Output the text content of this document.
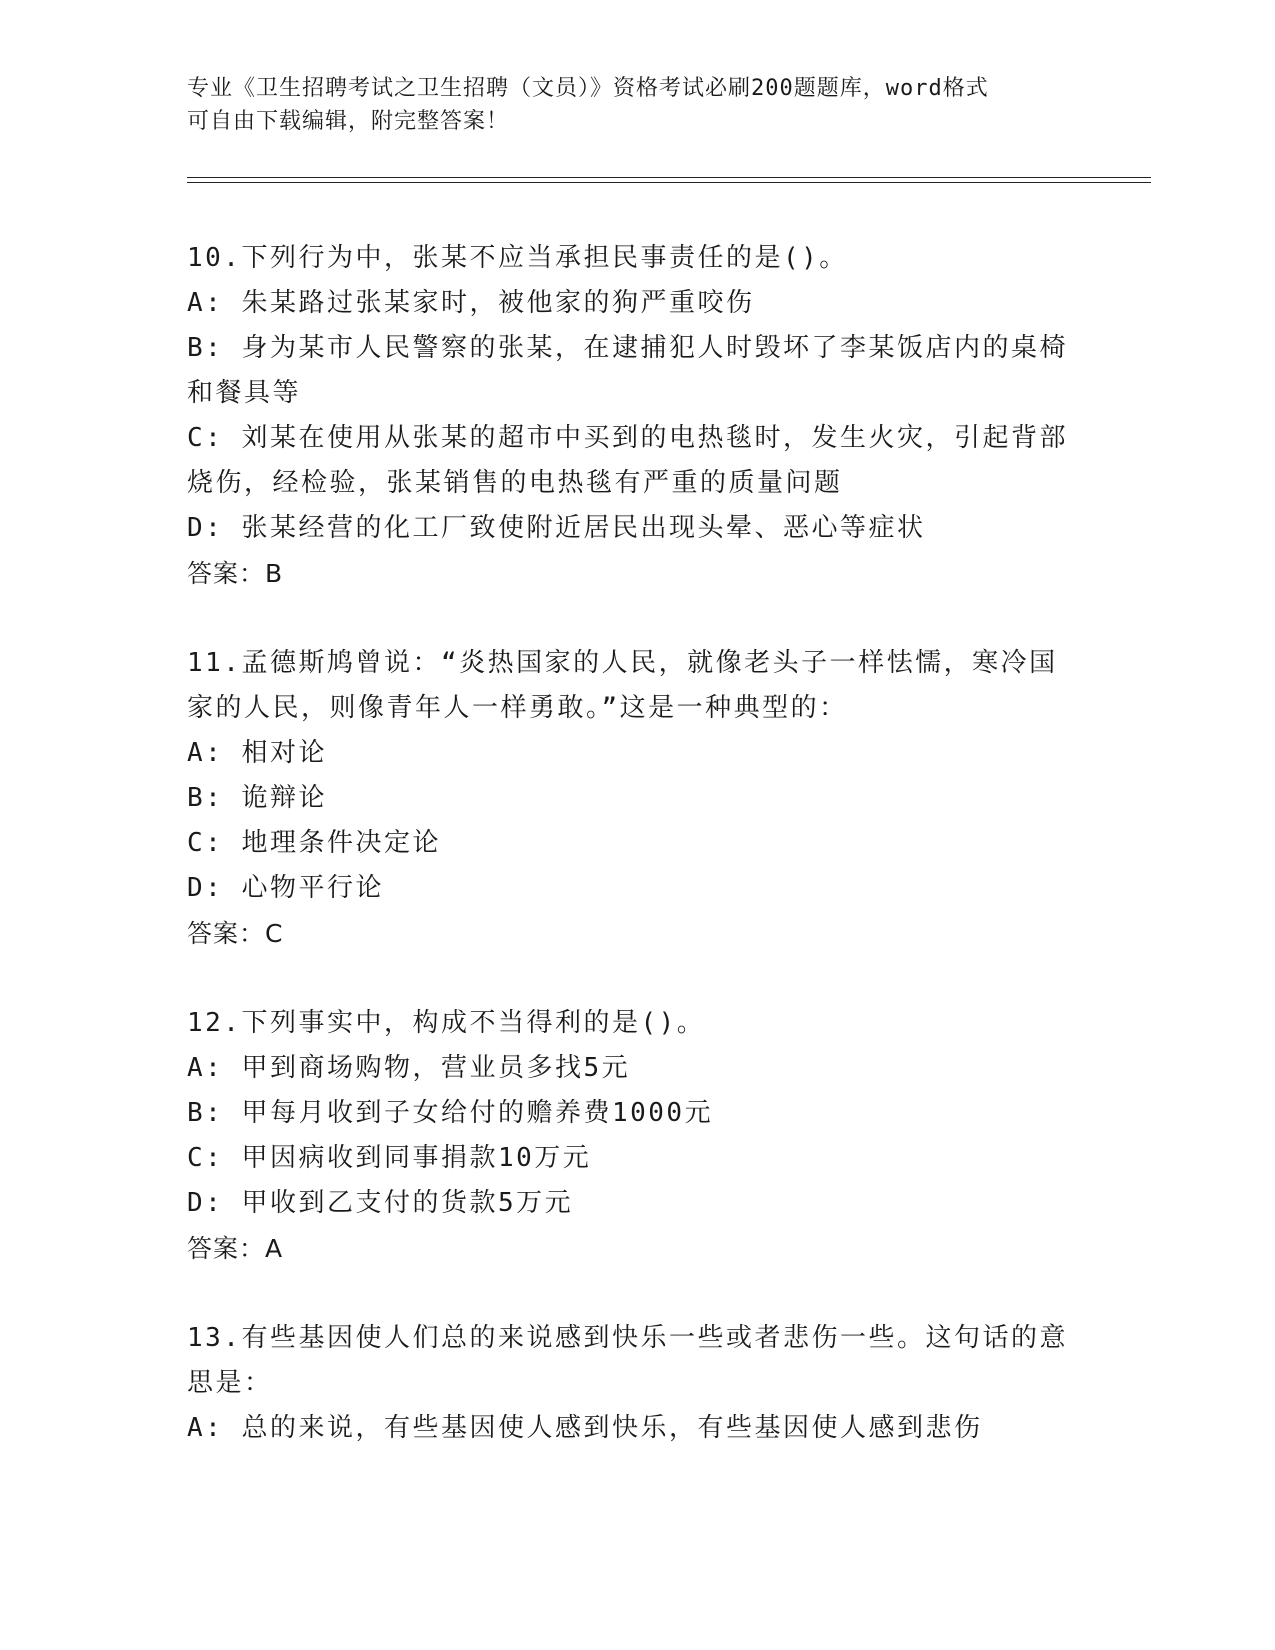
专业《卫生招聘考试之卫生招聘（文员）》资格考试必刷200题题库，word格式
可自由下载编辑，附完整答案！
10.下列行为中，张某不应当承担民事责任的是()。
A: 朱某路过张某家时，被他家的狗严重咬伤
B: 身为某市人民警察的张某，在逮捕犯人时毁坏了李某饭店内的桌椅
和餐具等
C: 刘某在使用从张某的超市中买到的电热毯时，发生火灾，引起背部
烧伤，经检验，张某销售的电热毯有严重的质量问题
D: 张某经营的化工厂致使附近居民出现头晕、恶心等症状
答案：B
11.孟德斯鸠曾说：“炎热国家的人民，就像老头子一样怯懦，寒冷国
家的人民，则像青年人一样勇敢。”这是一种典型的：
A: 相对论
B: 诡辩论
C: 地理条件决定论
D: 心物平行论
答案：C
12.下列事实中，构成不当得利的是()。
A: 甲到商场购物，营业员多找5元
B: 甲每月收到子女给付的赡养费1000元
C: 甲因病收到同事捐款10万元
D: 甲收到乙支付的货款5万元
答案：A
13.有些基因使人们总的来说感到快乐一些或者悲伤一些。这句话的意
思是：
A: 总的来说，有些基因使人感到快乐，有些基因使人感到悲伤
